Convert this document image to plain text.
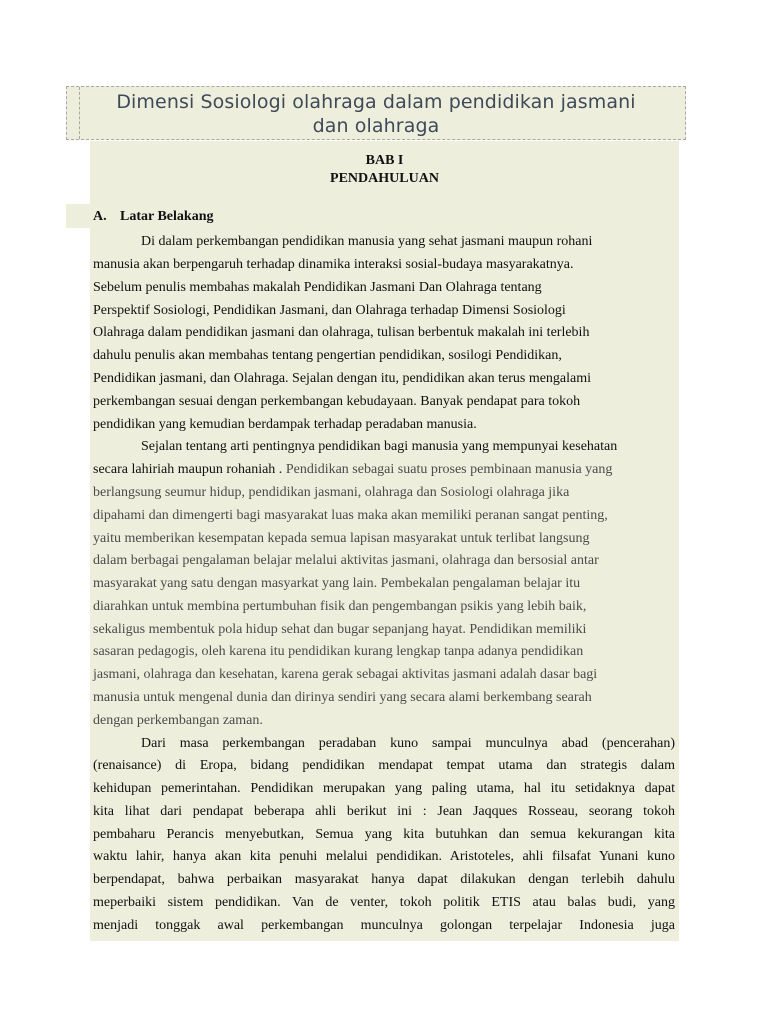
Dimensi Sosiologi olahraga dalam pendidikan jasmani
dan olahraga
BAB I
PENDAHULUAN
A. Latar Belakang
Di dalam perkembangan pendidikan manusia yang sehat jasmani maupun rohani
manusia akan berpengaruh terhadap dinamika interaksi sosial-budaya masyarakatnya.
Sebelum penulis membahas makalah Pendidikan Jasmani Dan Olahraga tentang
Perspektif Sosiologi, Pendidikan Jasmani, dan Olahraga terhadap Dimensi Sosiologi
Olahraga dalam pendidikan jasmani dan olahraga, tulisan berbentuk makalah ini terlebih
dahulu penulis akan membahas tentang pengertian pendidikan, sosilogi Pendidikan,
Pendidikan jasmani, dan Olahraga. Sejalan dengan itu, pendidikan akan terus mengalami
perkembangan sesuai dengan perkembangan kebudayaan. Banyak pendapat para tokoh
pendidikan yang kemudian berdampak terhadap peradaban manusia.
Sejalan tentang arti pentingnya pendidikan bagi manusia yang mempunyai kesehatan
secara lahiriah maupun rohaniah . Pendidikan sebagai suatu proses pembinaan manusia yang
berlangsung seumur hidup, pendidikan jasmani, olahraga dan Sosiologi olahraga jika
dipahami dan dimengerti bagi masyarakat luas maka akan memiliki peranan sangat penting,
yaitu memberikan kesempatan kepada semua lapisan masyarakat untuk terlibat langsung
dalam berbagai pengalaman belajar melalui aktivitas jasmani, olahraga dan bersosial antar
masyarakat yang satu dengan masyarkat yang lain. Pembekalan pengalaman belajar itu
diarahkan untuk membina pertumbuhan fisik dan pengembangan psikis yang lebih baik,
sekaligus membentuk pola hidup sehat dan bugar sepanjang hayat. Pendidikan memiliki
sasaran pedagogis, oleh karena itu pendidikan kurang lengkap tanpa adanya pendidikan
jasmani, olahraga dan kesehatan, karena gerak sebagai aktivitas jasmani adalah dasar bagi
manusia untuk mengenal dunia dan dirinya sendiri yang secara alami berkembang searah
dengan perkembangan zaman.
Dari masa perkembangan peradaban kuno sampai munculnya abad (pencerahan)
(renaisance) di Eropa, bidang pendidikan mendapat tempat utama dan strategis dalam
kehidupan pemerintahan. Pendidikan merupakan yang paling utama, hal itu setidaknya dapat
kita lihat dari pendapat beberapa ahli berikut ini : Jean Jaqques Rosseau, seorang tokoh
pembaharu Perancis menyebutkan, Semua yang kita butuhkan dan semua kekurangan kita
waktu lahir, hanya akan kita penuhi melalui pendidikan. Aristoteles, ahli filsafat Yunani kuno
berpendapat, bahwa perbaikan masyarakat hanya dapat dilakukan dengan terlebih dahulu
meperbaiki sistem pendidikan. Van de venter, tokoh politik ETIS atau balas budi, yang
menjadi tonggak awal perkembangan munculnya golongan terpelajar Indonesia juga
